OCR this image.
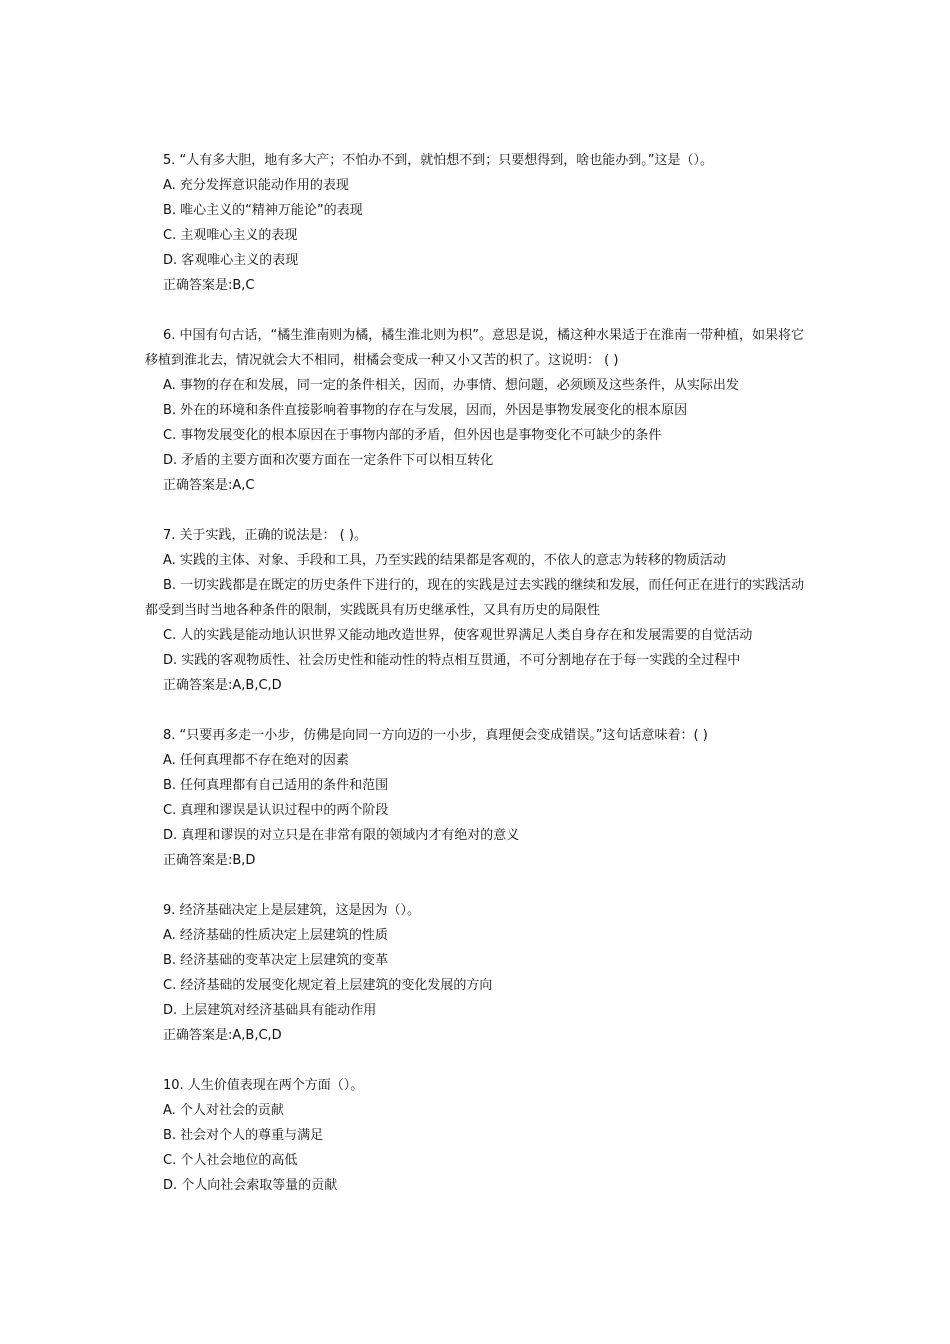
5. “人有多大胆，地有多大产；不怕办不到，就怕想不到；只要想得到，啥也能办到。”这是（）。
A. 充分发挥意识能动作用的表现
B. 唯心主义的“精神万能论”的表现
C. 主观唯心主义的表现
D. 客观唯心主义的表现
正确答案是:B,C
6. 中国有句古话，“橘生淮南则为橘，橘生淮北则为枳”。意思是说，橘这种水果适于在淮南一带种植，如果将它移植到淮北去，情况就会大不相同，柑橘会变成一种又小又苦的枳了。这说明： ( )
A. 事物的存在和发展，同一定的条件相关，因而，办事情、想问题，必须顾及这些条件，从实际出发
B. 外在的环境和条件直接影响着事物的存在与发展，因而，外因是事物发展变化的根本原因
C. 事物发展变化的根本原因在于事物内部的矛盾，但外因也是事物变化不可缺少的条件
D. 矛盾的主要方面和次要方面在一定条件下可以相互转化
正确答案是:A,C
7. 关于实践，正确的说法是： ( )。
A. 实践的主体、对象、手段和工具，乃至实践的结果都是客观的，不依人的意志为转移的物质活动
B. 一切实践都是在既定的历史条件下进行的，现在的实践是过去实践的继续和发展，而任何正在进行的实践活动都受到当时当地各种条件的限制，实践既具有历史继承性，又具有历史的局限性
C. 人的实践是能动地认识世界又能动地改造世界，使客观世界满足人类自身存在和发展需要的自觉活动
D. 实践的客观物质性、社会历史性和能动性的特点相互贯通，不可分割地存在于每一实践的全过程中
正确答案是:A,B,C,D
8. “只要再多走一小步，仿佛是向同一方向迈的一小步，真理便会变成错误。”这句话意味着：( )
A. 任何真理都不存在绝对的因素
B. 任何真理都有自己适用的条件和范围
C. 真理和谬误是认识过程中的两个阶段
D. 真理和谬误的对立只是在非常有限的领域内才有绝对的意义
正确答案是:B,D
9. 经济基础决定上是层建筑，这是因为（）。
A. 经济基础的性质决定上层建筑的性质
B. 经济基础的变革决定上层建筑的变革
C. 经济基础的发展变化规定着上层建筑的变化发展的方向
D. 上层建筑对经济基础具有能动作用
正确答案是:A,B,C,D
10. 人生价值表现在两个方面（）。
A. 个人对社会的贡献
B. 社会对个人的尊重与满足
C. 个人社会地位的高低
D. 个人向社会索取等量的贡献
